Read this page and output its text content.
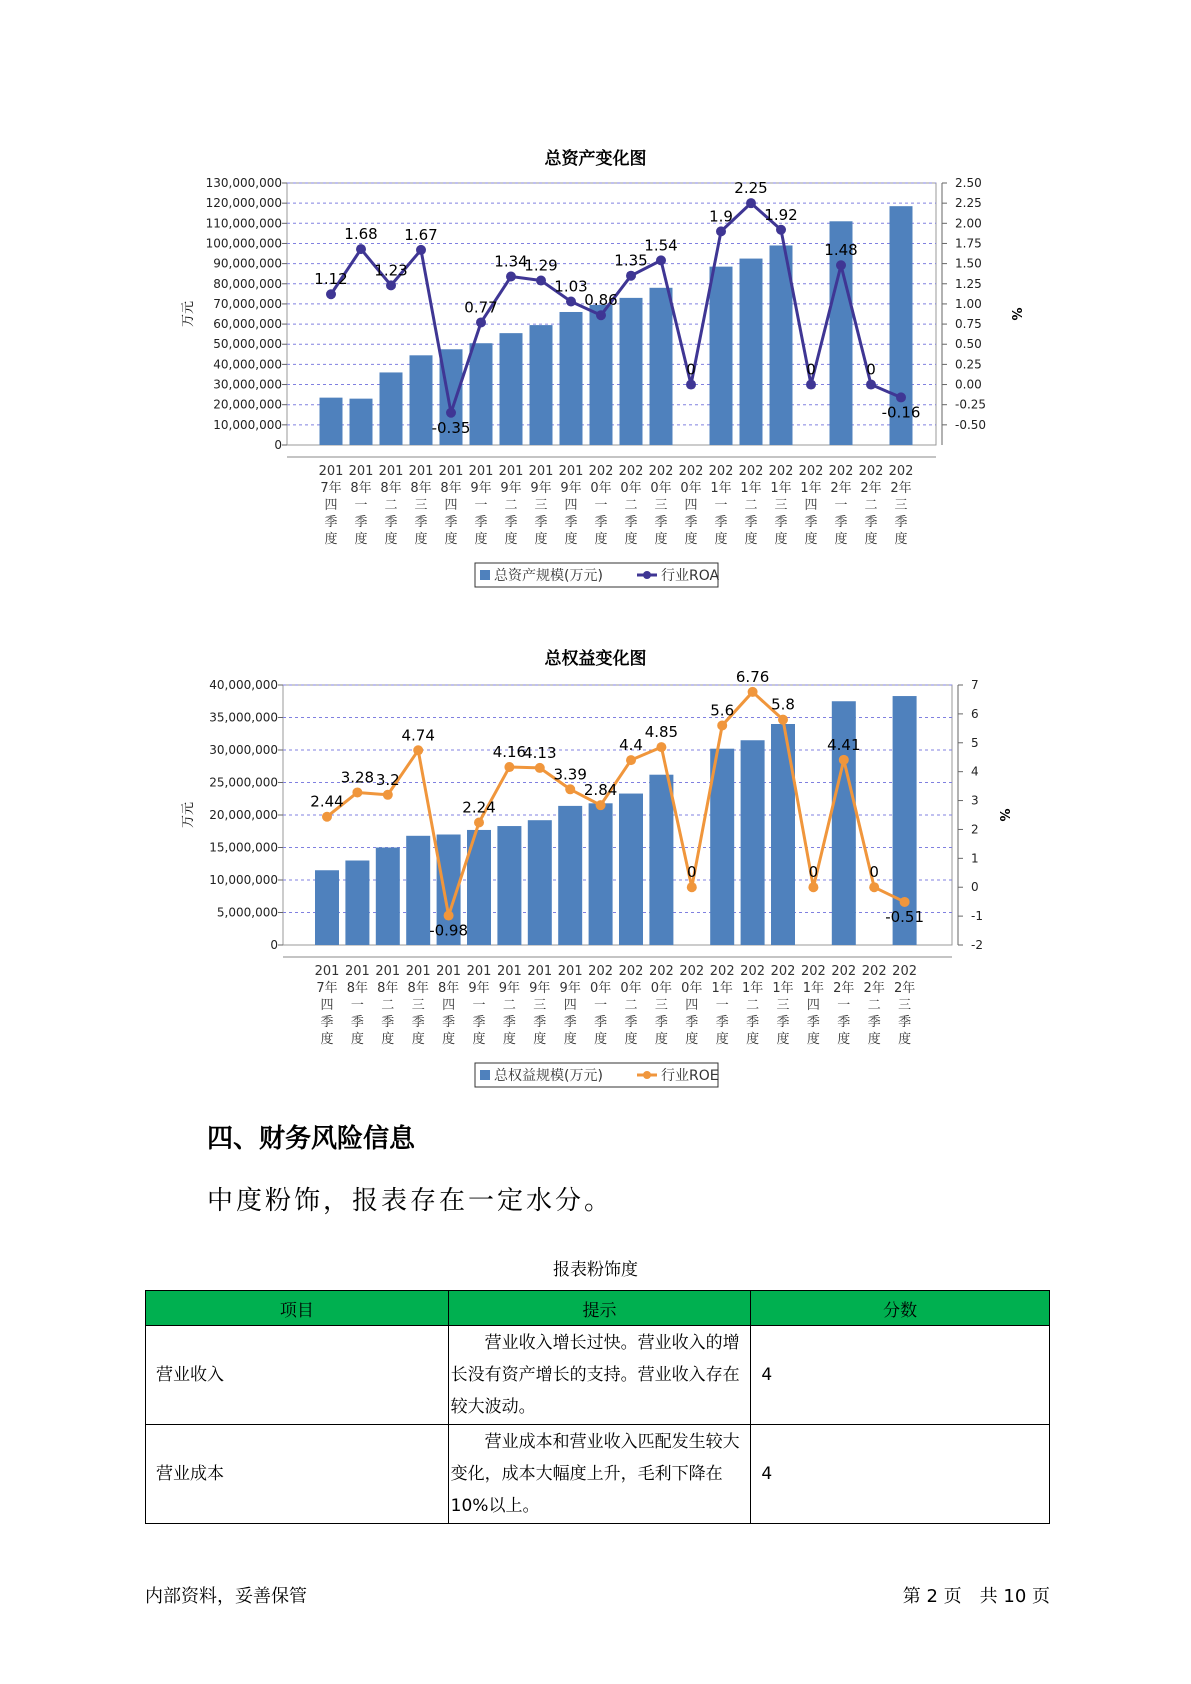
总资产变化图
0
10,000,000
20,000,000
30,000,000
40,000,000
50,000,000
60,000,000
70,000,000
80,000,000
90,000,000
100,000,000
110,000,000
120,000,000
130,000,000
-0.50
-0.25
0.00
0.25
0.50
0.75
1.00
1.25
1.50
1.75
2.00
2.25
2.50
万元	%
201
7年
四
季
度
201
8年
一
季
度
201
8年
二
季
度
201
8年
三
季
度
201
8年
四
季
度
201
9年
一
季
度
201
9年
二
季
度
201
9年
三
季
度
201
9年
四
季
度
202
0年
一
季
度
202
0年
二
季
度
202
0年
三
季
度
202
0年
四
季
度
202
1年
一
季
度
202
1年
二
季
度
202
1年
三
季
度
202
1年
四
季
度
202
2年
一
季
度
202
2年
二
季
度
202
2年
三
季
度
1.12
1.68
1.23
1.67
-0.35
0.77
1.34
1.29
1.03
0.86
1.35
1.54
0
1.9
2.25
1.92
0
1.48
0
-0.16
总资产规模(万元)	行业ROA
总权益变化图
0
5,000,000
10,000,000
15,000,000
20,000,000
25,000,000
30,000,000
35,000,000
40,000,000
-2
-1
0
1
2
3
4
5
6
7
万元	%
201
7年
四
季
度
201
8年
一
季
度
201
8年
二
季
度
201
8年
三
季
度
201
8年
四
季
度
201
9年
一
季
度
201
9年
二
季
度
201
9年
三
季
度
201
9年
四
季
度
202
0年
一
季
度
202
0年
二
季
度
202
0年
三
季
度
202
0年
四
季
度
202
1年
一
季
度
202
1年
二
季
度
202
1年
三
季
度
202
1年
四
季
度
202
2年
一
季
度
202
2年
二
季
度
202
2年
三
季
度
2.44
3.28 3.2
4.74
-0.98
2.24
4.16
4.13
3.39
2.84
4.4
4.85
0
5.6
6.76
5.8
0
4.41
0
-0.51
总权益规模(万元)	行业ROE
四、财务风险信息
中度粉饰，报表存在一定水分。
报表粉饰度
项目	提示	分数
营业收入	营业收入增长过快。营业收入的增长没有资产增长的支持。营业收入存在较大波动。	4
营业成本	营业成本和营业收入匹配发生较大变化，成本大幅度上升，毛利下降在10%以上。	4
内部资料，妥善保管	第 2 页　共 10 页
